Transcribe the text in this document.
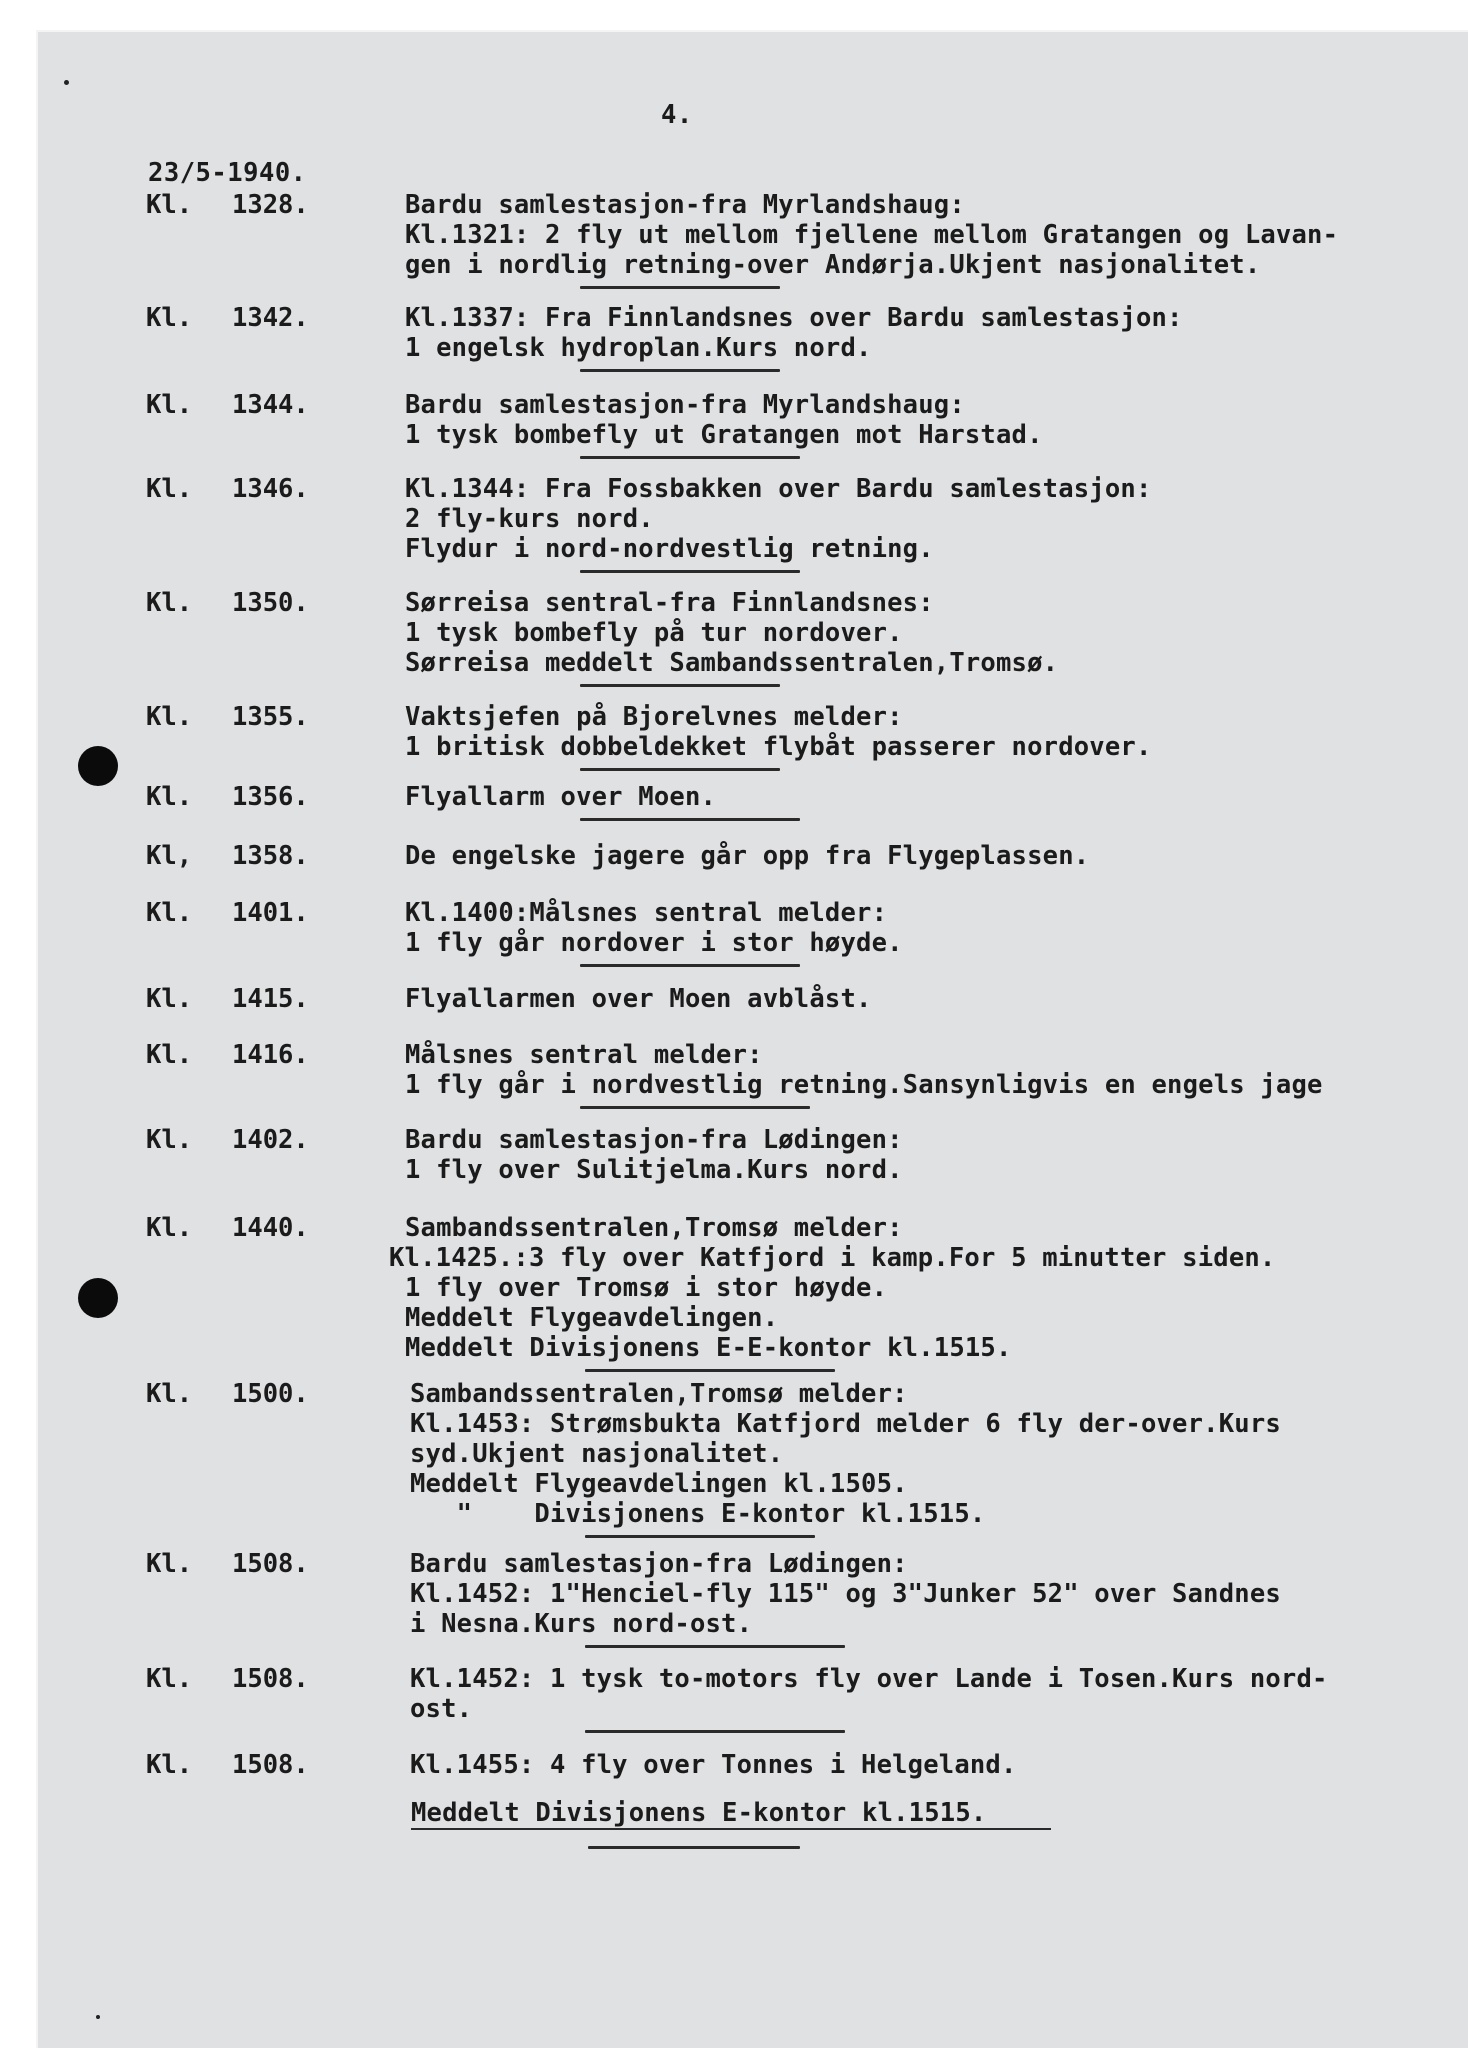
4.
23/5-1940.
Kl. 1328.	Bardu samlestasjon-fra Myrlandshaug:
Kl.1321: 2 fly ut mellom fjellene mellom Gratangen og Lavan-
gen i nordlig retning-over Andørja.Ukjent nasjonalitet.
Kl. 1342.	Kl.1337: Fra Finnlandsnes over Bardu samlestasjon:
1 engelsk hydroplan.Kurs nord.
Kl. 1344.	Bardu samlestasjon-fra Myrlandshaug:
1 tysk bombefly ut Gratangen mot Harstad.
Kl. 1346.	Kl.1344: Fra Fossbakken over Bardu samlestasjon:
2 fly-kurs nord.
Flydur i nord-nordvestlig retning.
Kl. 1350.	Sørreisa sentral-fra Finnlandsnes:
1 tysk bombefly på tur nordover.
Sørreisa meddelt Sambandssentralen,Tromsø.
Kl. 1355.	Vaktsjefen på Bjorelvnes melder:
1 britisk dobbeldekket flybåt passerer nordover.
Kl. 1356.	Flyallarm over Moen.
Kl, 1358.	De engelske jagere går opp fra Flygeplassen.
Kl. 1401.	Kl.1400:Målsnes sentral melder:
1 fly går nordover i stor høyde.
Kl. 1415.	Flyallarmen over Moen avblåst.
Kl. 1416.	Målsnes sentral melder:
1 fly går i nordvestlig retning.Sansynligvis en engels jage
Kl. 1402.	Bardu samlestasjon-fra Lødingen:
1 fly over Sulitjelma.Kurs nord.
Kl. 1440.	Sambandssentralen,Tromsø melder:
Kl.1425.:3 fly over Katfjord i kamp.For 5 minutter siden.
1 fly over Tromsø i stor høyde.
Meddelt Flygeavdelingen.
Meddelt Divisjonens E-E-kontor kl.1515.
Kl. 1500.	Sambandssentralen,Tromsø melder:
Kl.1453: Strømsbukta Katfjord melder 6 fly der-over.Kurs
syd.Ukjent nasjonalitet.
Meddelt Flygeavdelingen kl.1505.
"    Divisjonens E-kontor kl.1515.
Kl. 1508.	Bardu samlestasjon-fra Lødingen:
Kl.1452: 1"Henciel-fly 115" og 3"Junker 52" over Sandnes
i Nesna.Kurs nord-ost.
Kl. 1508.	Kl.1452: 1 tysk to-motors fly over Lande i Tosen.Kurs nord-
ost.
Kl. 1508.	Kl.1455: 4 fly over Tonnes i Helgeland.
Meddelt Divisjonens E-kontor kl.1515.
